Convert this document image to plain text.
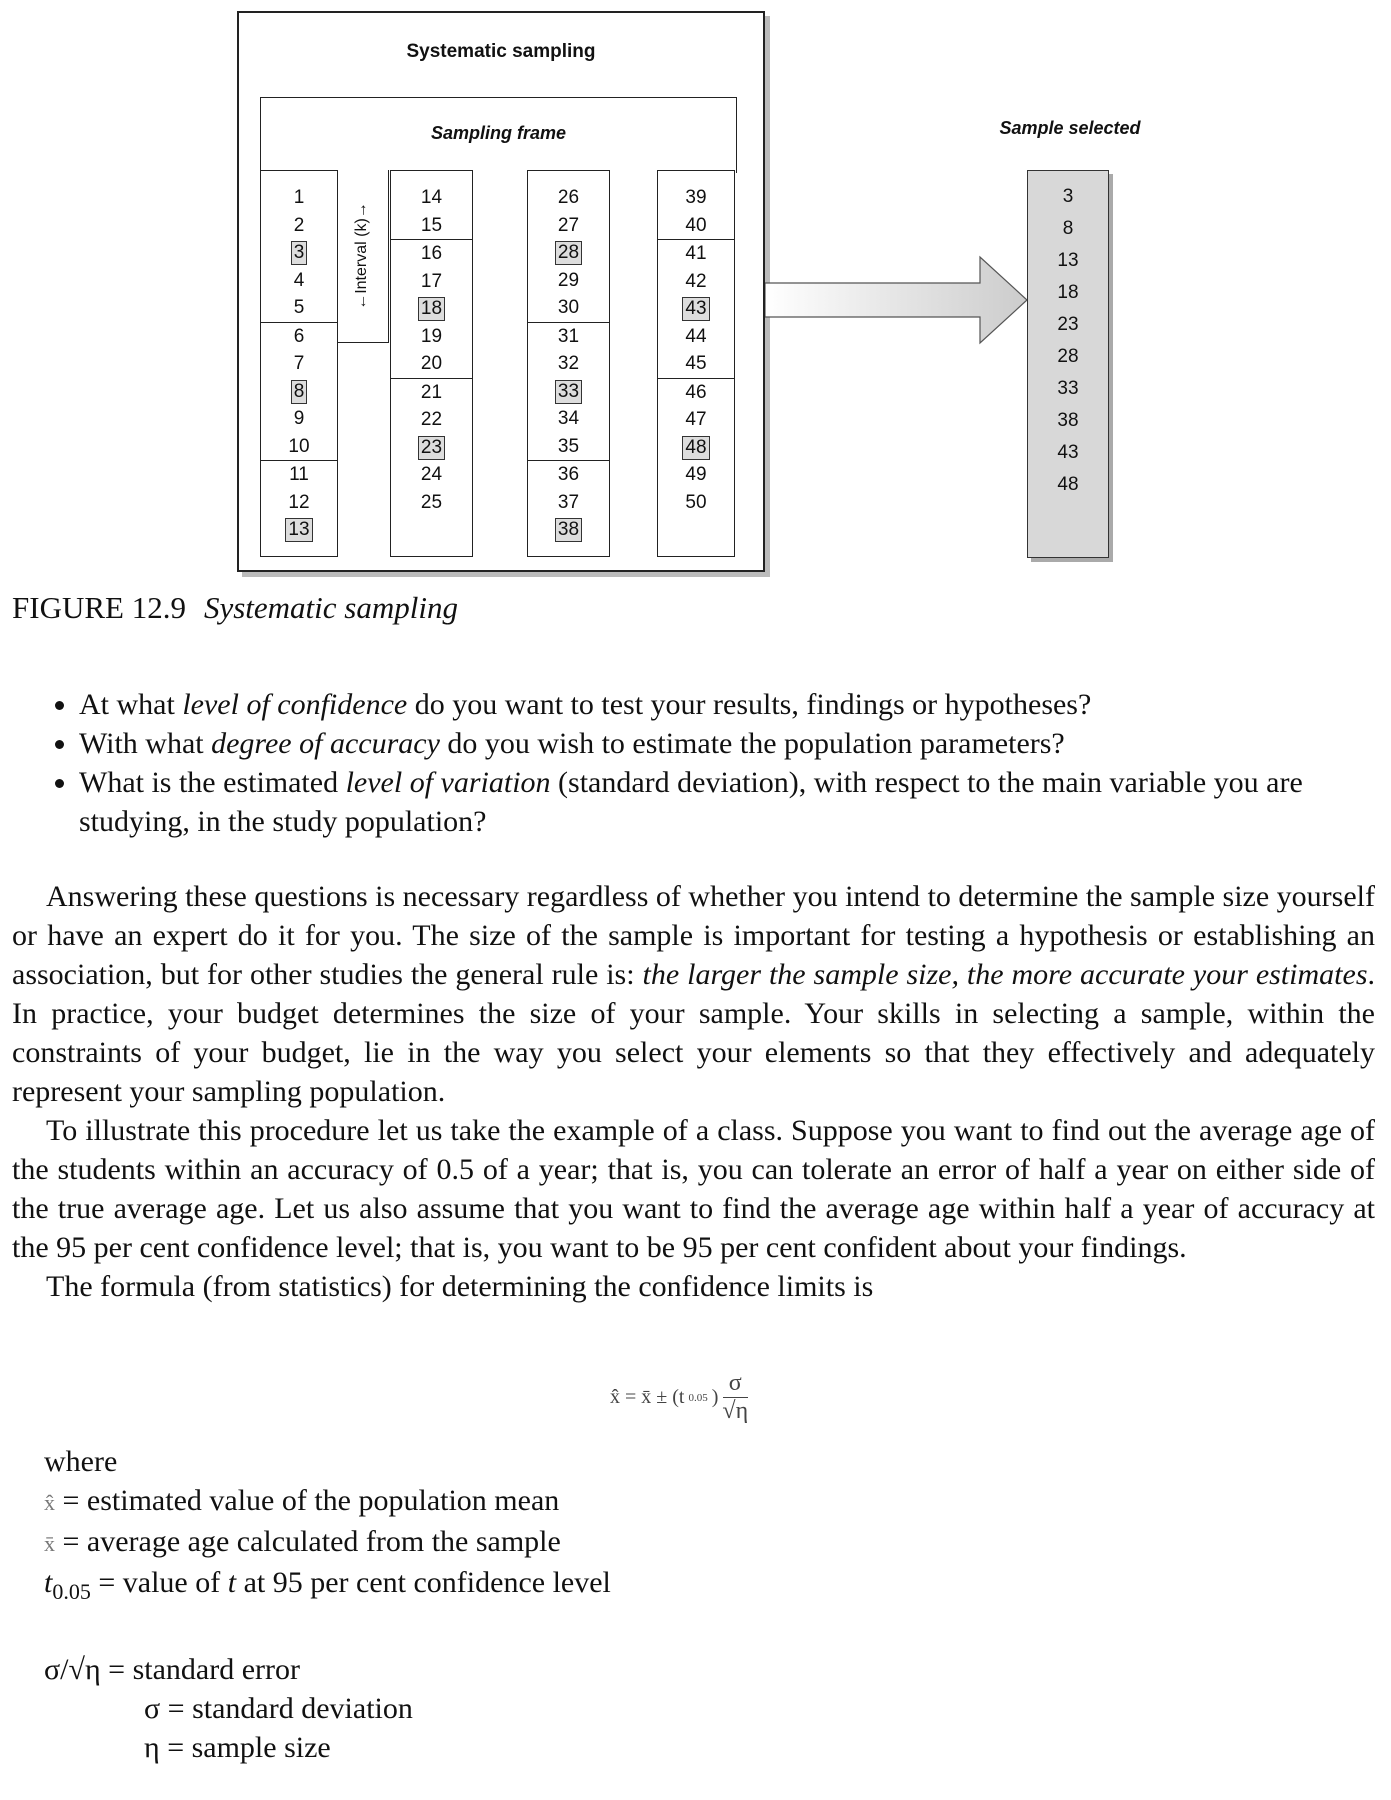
Systematic sampling
Sampling frame
1
2
3
4
5
6
7
8
9
10
11
12
13
14
15
16
17
18
19
20
21
22
23
24
25
26
27
28
29
30
31
32
33
34
35
36
37
38
39
40
41
42
43
44
45
46
47
48
49
50
←Interval (k)→
Sample selected
3
8
13
18
23
28
33
38
43
48
FIGURE 12.9 Systematic sampling
• At what level of confidence do you want to test your results, findings or hypotheses?
• With what degree of accuracy do you wish to estimate the population parameters?
• What is the estimated level of variation (standard deviation), with respect to the main variable you are studying, in the study population?

Answering these questions is necessary regardless of whether you intend to determine the sample size yourself or have an expert do it for you. The size of the sample is important for testing a hypothesis or establishing an association, but for other studies the general rule is: the larger the sample size, the more accurate your estimates. In practice, your budget determines the size of your sample. Your skills in selecting a sample, within the constraints of your budget, lie in the way you select your elements so that they effectively and adequately represent your sampling population.

To illustrate this procedure let us take the example of a class. Suppose you want to find out the average age of the students within an accuracy of 0.5 of a year; that is, you can tolerate an error of half a year on either side of the true average age. Let us also assume that you want to find the average age within half a year of accuracy at the 95 per cent confidence level; that is, you want to be 95 per cent confident about your findings.

The formula (from statistics) for determining the confidence limits is

x̂ = x̄ ± (t 0.05 ) $\frac{\sigma}{√\eta}$
where
x̂ = estimated value of the population mean
x̄ = average age calculated from the sample
$t_{0.05}$ = value of t at 95 per cent confidence level
σ/√η = standard error
σ = standard deviation
η = sample size
